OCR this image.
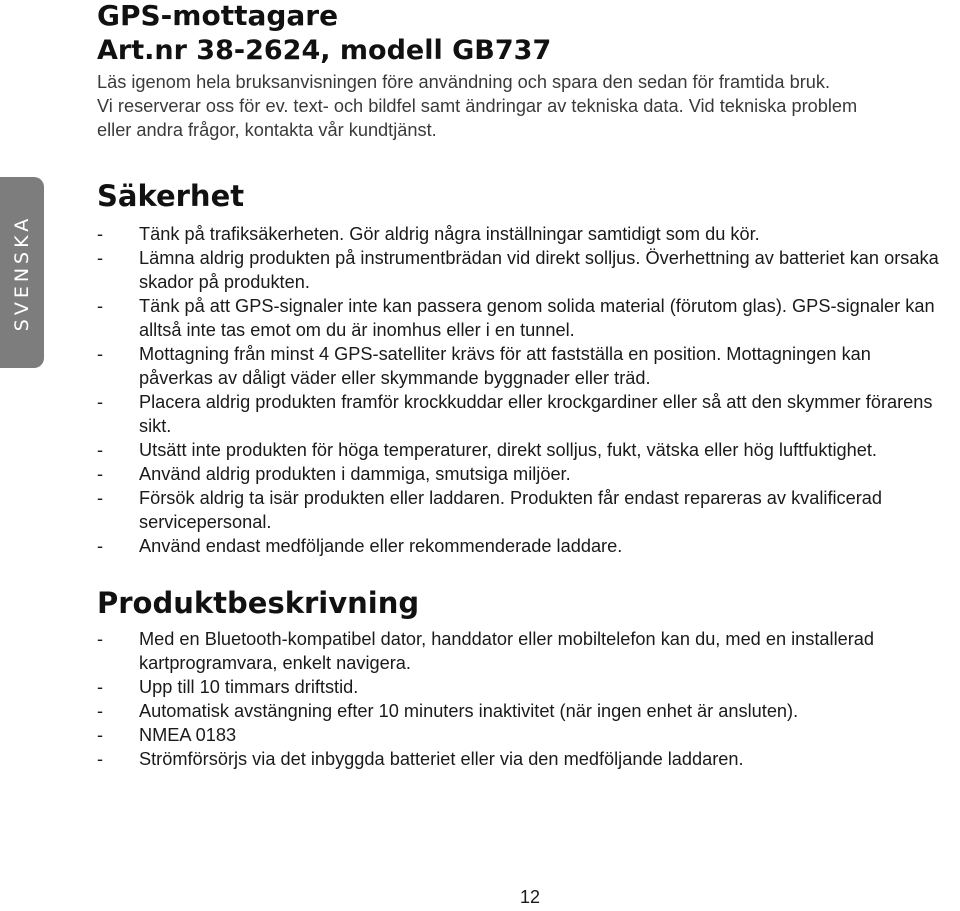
SVENSKA
GPS-mottagare
Art.nr 38-2624, modell GB737

Läs igenom hela bruksanvisningen före användning och spara den sedan för framtida bruk.
Vi reserverar oss för ev. text- och bildfel samt ändringar av tekniska data. Vid tekniska problem
eller andra frågor, kontakta vår kundtjänst.

Säkerhet
-	Tänk på trafiksäkerheten. Gör aldrig några inställningar samtidigt som du kör.
-	Lämna aldrig produkten på instrumentbrädan vid direkt solljus. Överhettning av batteriet kan orsaka skador på produkten.
-	Tänk på att GPS-signaler inte kan passera genom solida material (förutom glas). GPS-signaler kan alltså inte tas emot om du är inomhus eller i en tunnel.
-	Mottagning från minst 4 GPS-satelliter krävs för att fastställa en position. Mottagningen kan påverkas av dåligt väder eller skymmande byggnader eller träd.
-	Placera aldrig produkten framför krockkuddar eller krockgardiner eller så att den skymmer förarens sikt.
-	Utsätt inte produkten för höga temperaturer, direkt solljus, fukt, vätska eller hög luftfuktighet.
-	Använd aldrig produkten i dammiga, smutsiga miljöer.
-	Försök aldrig ta isär produkten eller laddaren. Produkten får endast repareras av kvalificerad servicepersonal.
-	Använd endast medföljande eller rekommenderade laddare.
Produktbeskrivning
-	Med en Bluetooth-kompatibel dator, handdator eller mobiltelefon kan du, med en installerad kartprogramvara, enkelt navigera.
-	Upp till 10 timmars driftstid.
-	Automatisk avstängning efter 10 minuters inaktivitet (när ingen enhet är ansluten).
-	NMEA 0183
-	Strömförsörjs via det inbyggda batteriet eller via den medföljande laddaren.
12
